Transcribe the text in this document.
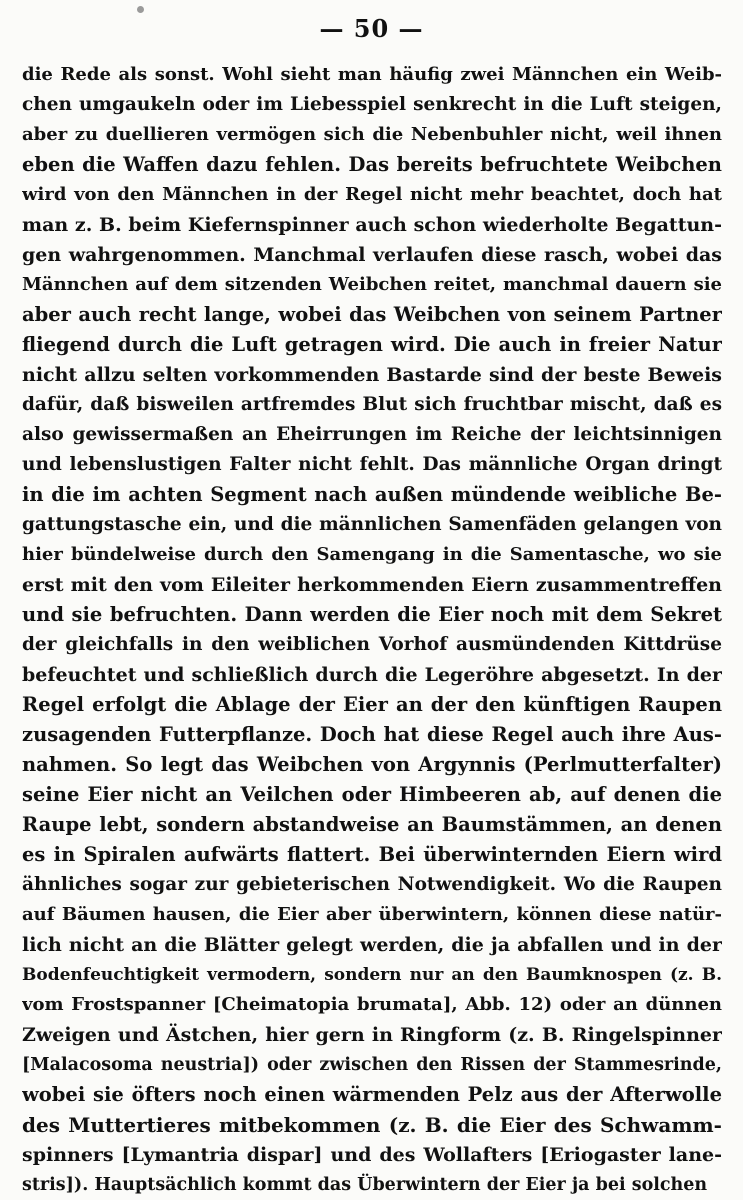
— 50 —
die Rede als sonst. Wohl sieht man häufig zwei Männchen ein Weib-
chen umgaukeln oder im Liebesspiel senkrecht in die Luft steigen,
aber zu duellieren vermögen sich die Nebenbuhler nicht, weil ihnen
eben die Waffen dazu fehlen. Das bereits befruchtete Weibchen
wird von den Männchen in der Regel nicht mehr beachtet, doch hat
man z. B. beim Kiefernspinner auch schon wiederholte Begattun-
gen wahrgenommen. Manchmal verlaufen diese rasch, wobei das
Männchen auf dem sitzenden Weibchen reitet, manchmal dauern sie
aber auch recht lange, wobei das Weibchen von seinem Partner
fliegend durch die Luft getragen wird. Die auch in freier Natur
nicht allzu selten vorkommenden Bastarde sind der beste Beweis
dafür, daß bisweilen artfremdes Blut sich fruchtbar mischt, daß es
also gewissermaßen an Eheirrungen im Reiche der leichtsinnigen
und lebenslustigen Falter nicht fehlt. Das männliche Organ dringt
in die im achten Segment nach außen mündende weibliche Be-
gattungstasche ein, und die männlichen Samenfäden gelangen von
hier bündelweise durch den Samengang in die Samentasche, wo sie
erst mit den vom Eileiter herkommenden Eiern zusammentreffen
und sie befruchten. Dann werden die Eier noch mit dem Sekret
der gleichfalls in den weiblichen Vorhof ausmündenden Kittdrüse
befeuchtet und schließlich durch die Legeröhre abgesetzt. In der
Regel erfolgt die Ablage der Eier an der den künftigen Raupen
zusagenden Futterpflanze. Doch hat diese Regel auch ihre Aus-
nahmen. So legt das Weibchen von Argynnis (Perlmutterfalter)
seine Eier nicht an Veilchen oder Himbeeren ab, auf denen die
Raupe lebt, sondern abstandweise an Baumstämmen, an denen
es in Spiralen aufwärts flattert. Bei überwinternden Eiern wird
ähnliches sogar zur gebieterischen Notwendigkeit. Wo die Raupen
auf Bäumen hausen, die Eier aber überwintern, können diese natür-
lich nicht an die Blätter gelegt werden, die ja abfallen und in der
Bodenfeuchtigkeit vermodern, sondern nur an den Baumknospen (z. B.
vom Frostspanner [Cheimatopia brumata], Abb. 12) oder an dünnen
Zweigen und Ästchen, hier gern in Ringform (z. B. Ringelspinner
[Malacosoma neustria]) oder zwischen den Rissen der Stammesrinde,
wobei sie öfters noch einen wärmenden Pelz aus der Afterwolle
des Muttertieres mitbekommen (z. B. die Eier des Schwamm-
spinners [Lymantria dispar] und des Wollafters [Eriogaster lane-
stris]). Hauptsächlich kommt das Überwintern der Eier ja bei solchen
